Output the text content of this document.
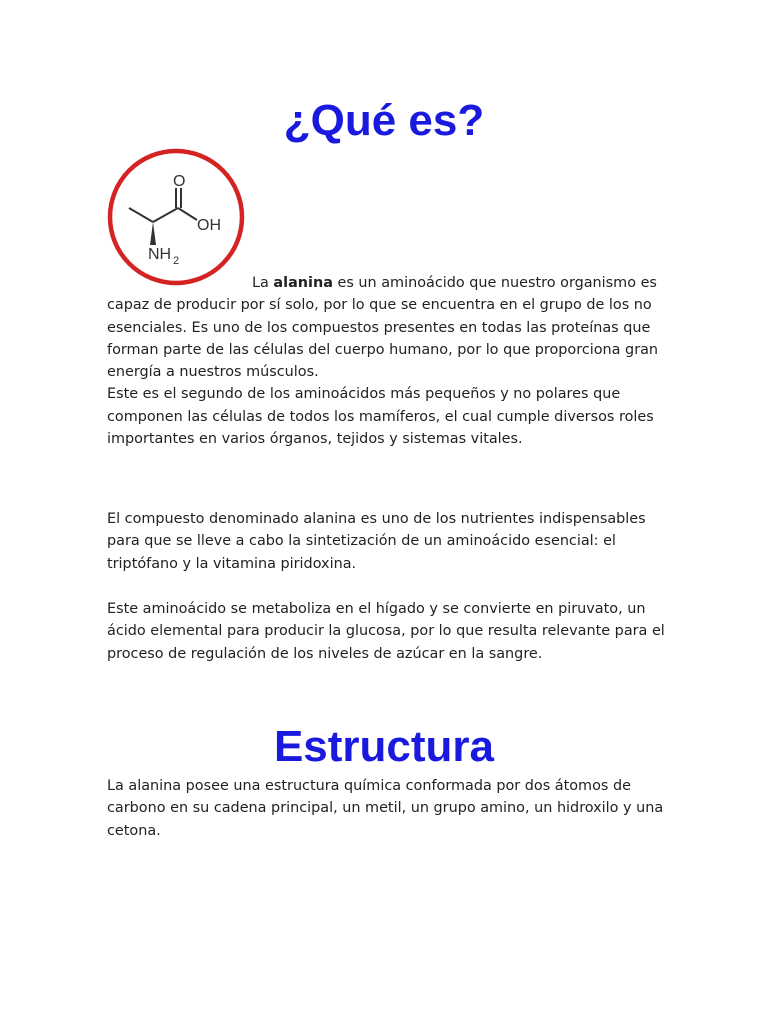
¿Qué es?
O
OH
NH 2

La alanina es un aminoácido que nuestro organismo es capaz de producir por sí solo, por lo que se encuentra en el grupo de los no esenciales. Es uno de los compuestos presentes en todas las proteínas que forman parte de las células del cuerpo humano, por lo que proporciona gran energía a nuestros músculos.
Este es el segundo de los aminoácidos más pequeños y no polares que componen las células de todos los mamíferos, el cual cumple diversos roles importantes en varios órganos, tejidos y sistemas vitales.

El compuesto denominado alanina es uno de los nutrientes indispensables para que se lleve a cabo la sintetización de un aminoácido esencial: el triptófano y la vitamina piridoxina.

Este aminoácido se metaboliza en el hígado y se convierte en piruvato, un ácido elemental para producir la glucosa, por lo que resulta relevante para el proceso de regulación de los niveles de azúcar en la sangre.

Estructura

La alanina posee una estructura química conformada por dos átomos de carbono en su cadena principal, un metil, un grupo amino, un hidroxilo y una cetona.
